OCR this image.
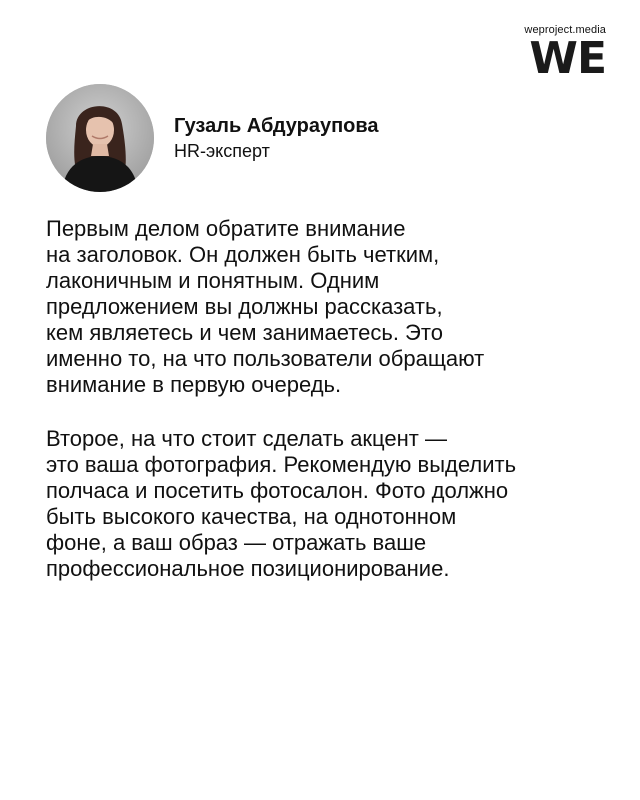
weproject.media
WE
Гузаль Абдураупова
HR-эксперт

Первым делом обратите внимание
на заголовок. Он должен быть четким,
лаконичным и понятным. Одним
предложением вы должны рассказать,
кем являетесь и чем занимаетесь. Это
именно то, на что пользователи обращают
внимание в первую очередь.

Второе, на что стоит сделать акцент —
это ваша фотография. Рекомендую выделить
полчаса и посетить фотосалон. Фото должно
быть высокого качества, на однотонном
фоне, а ваш образ — отражать ваше
профессиональное позиционирование.
